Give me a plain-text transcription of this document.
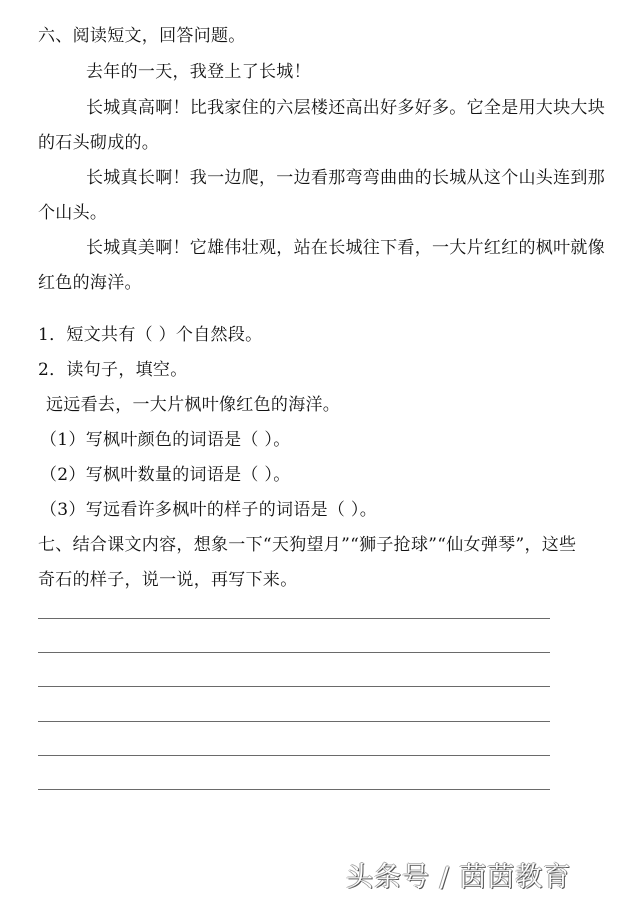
六、阅读短文，回答问题。
去年的一天，我登上了长城！
长城真高啊！比我家住的六层楼还高出好多好多。它全是用大块大块
的石头砌成的。
长城真长啊！我一边爬，一边看那弯弯曲曲的长城从这个山头连到那
个山头。
长城真美啊！它雄伟壮观，站在长城往下看，一大片红红的枫叶就像
红色的海洋。
1．短文共有（ ）个自然段。
2．读句子，填空。
远远看去，一大片枫叶像红色的海洋。
（1）写枫叶颜色的词语是（ ）。
（2）写枫叶数量的词语是（ ）。
（3）写远看许多枫叶的样子的词语是（ ）。
七、结合课文内容，想象一下“天狗望月”“狮子抢球”“仙女弹琴”，这些
奇石的样子，说一说，再写下来。
头条号 / 茵茵教育
